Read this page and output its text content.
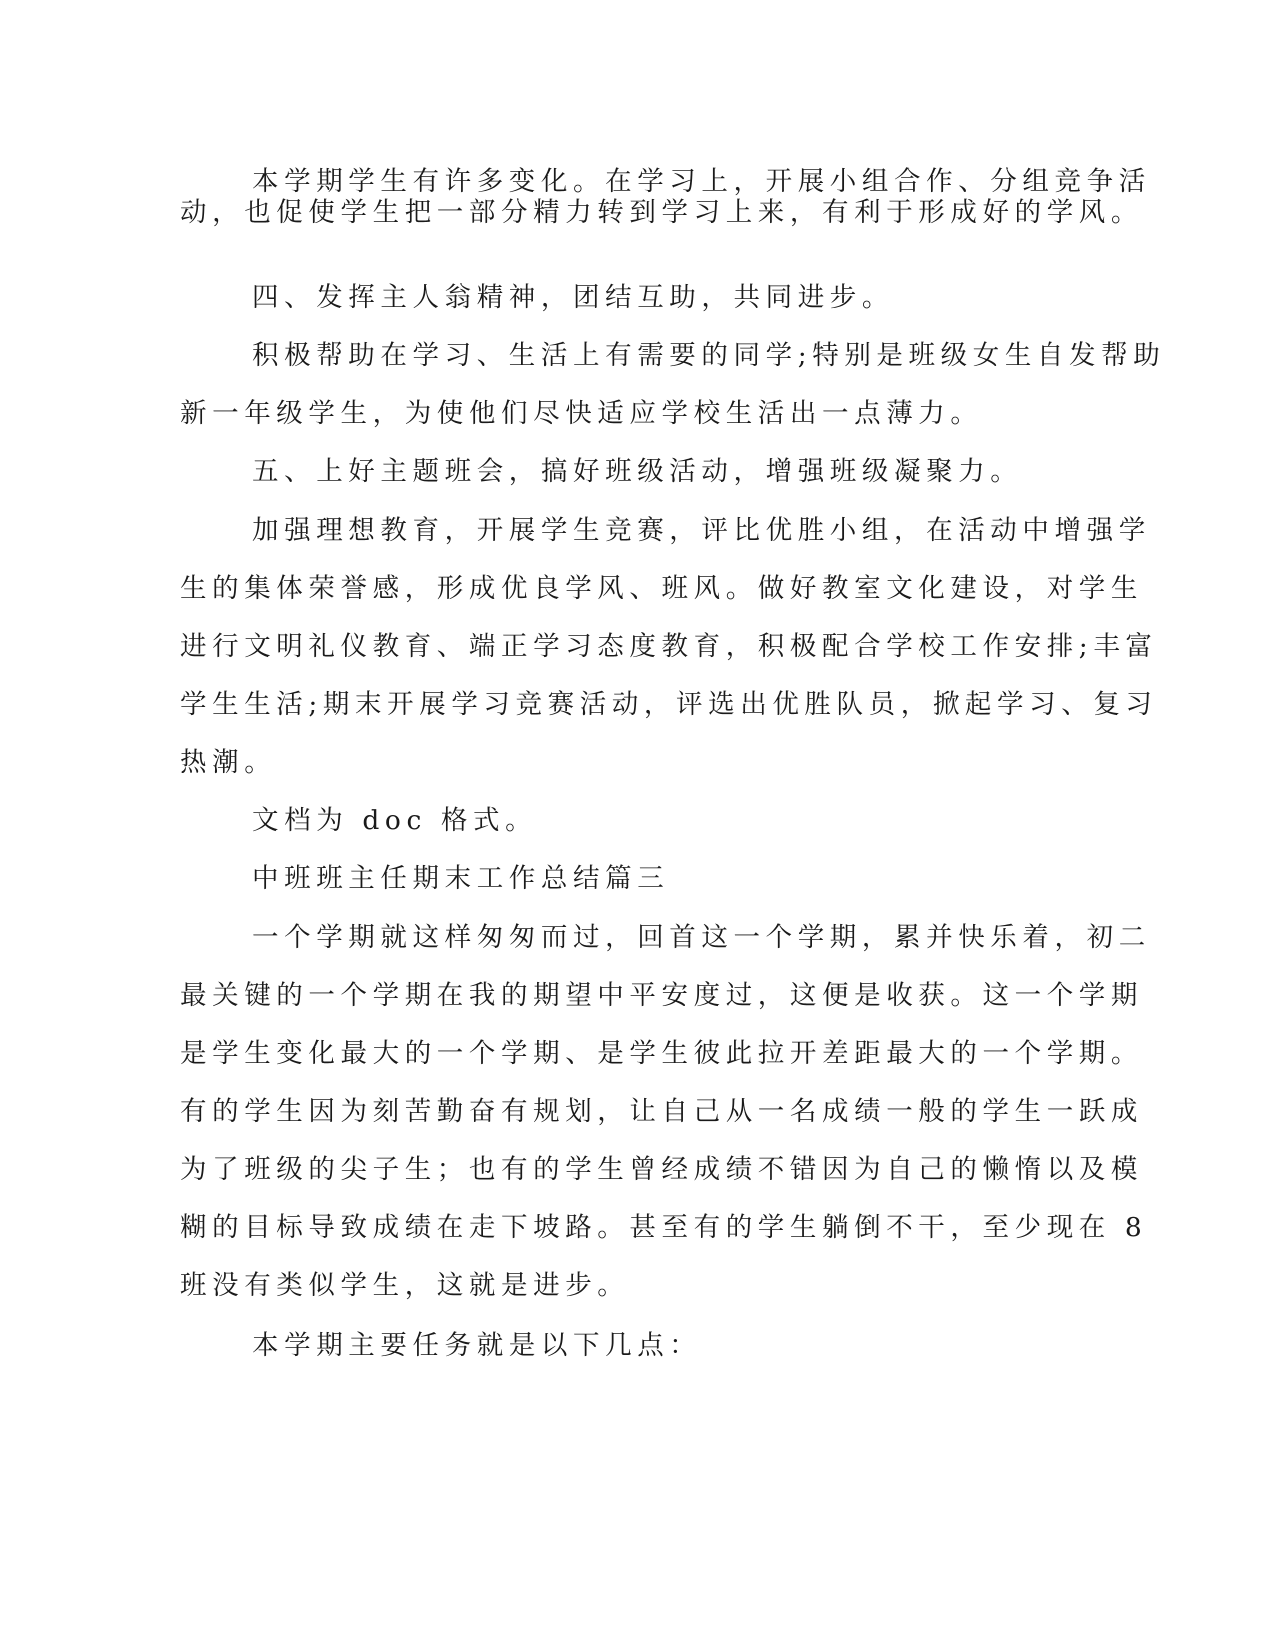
本学期学生有许多变化。在学习上，开展小组合作、分组竞争活
动，也促使学生把一部分精力转到学习上来，有利于形成好的学风。
四、发挥主人翁精神，团结互助，共同进步。
积极帮助在学习、生活上有需要的同学;特别是班级女生自发帮助
新一年级学生，为使他们尽快适应学校生活出一点薄力。
五、上好主题班会，搞好班级活动，增强班级凝聚力。
加强理想教育，开展学生竞赛，评比优胜小组，在活动中增强学
生的集体荣誉感，形成优良学风、班风。做好教室文化建设，对学生
进行文明礼仪教育、端正学习态度教育，积极配合学校工作安排;丰富
学生生活;期末开展学习竞赛活动，评选出优胜队员，掀起学习、复习
热潮。
文档为 doc 格式。
中班班主任期末工作总结篇三
一个学期就这样匆匆而过，回首这一个学期，累并快乐着，初二
最关键的一个学期在我的期望中平安度过，这便是收获。这一个学期
是学生变化最大的一个学期、是学生彼此拉开差距最大的一个学期。
有的学生因为刻苦勤奋有规划，让自己从一名成绩一般的学生一跃成
为了班级的尖子生；也有的学生曾经成绩不错因为自己的懒惰以及模
糊的目标导致成绩在走下坡路。甚至有的学生躺倒不干，至少现在 8
班没有类似学生，这就是进步。
本学期主要任务就是以下几点：
